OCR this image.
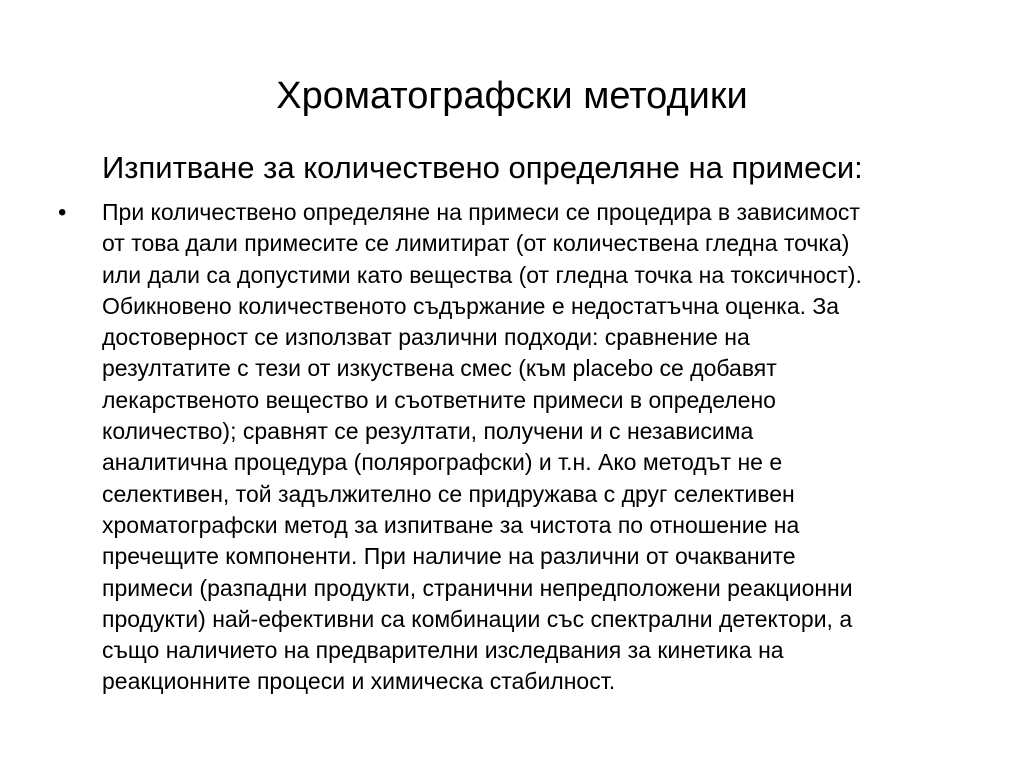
Хроматографски методики
Изпитване за количествено определяне на примеси:
• При количествено определяне на примеси се процедира в зависимост
от това дали примесите се лимитират (от количествена гледна точка)
или дали са допустими като вещества (от гледна точка на токсичност).
Обикновено количественото съдържание е недостатъчна оценка. За
достоверност се използват различни подходи: сравнение на
резултатите с тези от изкуствена смес (към placebo се добавят
лекарственото вещество и съответните примеси в определено
количество); сравнят се резултати, получени и с независима
аналитична процедура (полярографски) и т.н. Ако методът не е
селективен, той задължително се придружава с друг селективен
хроматографски метод за изпитване за чистота по отношение на
пречещите компоненти. При наличие на различни от очакваните
примеси (разпадни продукти, странични непредположени реакционни
продукти) най-ефективни са комбинации със спектрални детектори, а
също наличието на предварителни изследвания за кинетика на
реакционните процеси и химическа стабилност.
